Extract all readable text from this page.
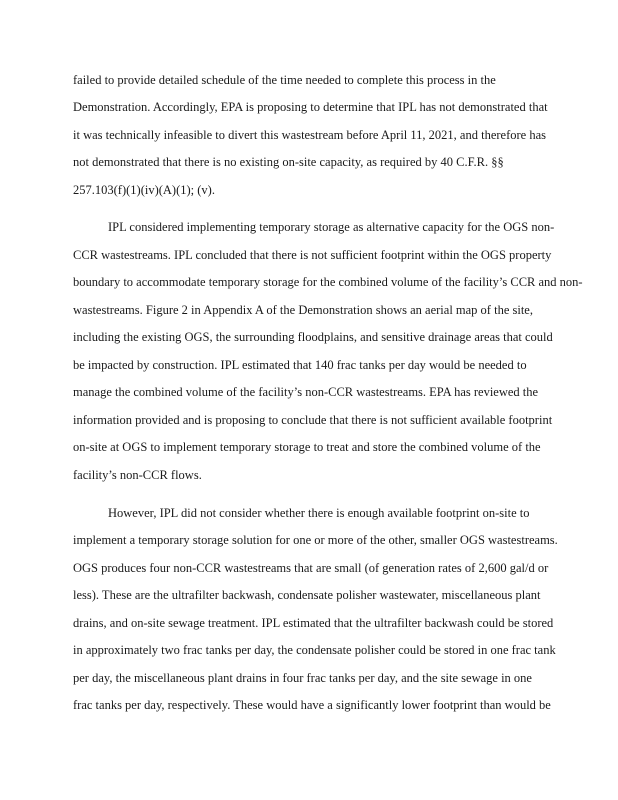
failed to provide detailed schedule of the time needed to complete this process in the
Demonstration. Accordingly, EPA is proposing to determine that IPL has not demonstrated that
it was technically infeasible to divert this wastestream before April 11, 2021, and therefore has
not demonstrated that there is no existing on-site capacity, as required by 40 C.F.R. §§
257.103(f)(1)(iv)(A)(1); (v).
IPL considered implementing temporary storage as alternative capacity for the OGS non-
CCR wastestreams. IPL concluded that there is not sufficient footprint within the OGS property
boundary to accommodate temporary storage for the combined volume of the facility’s CCR and non-
wastestreams. Figure 2 in Appendix A of the Demonstration shows an aerial map of the site,
including the existing OGS, the surrounding floodplains, and sensitive drainage areas that could
be impacted by construction. IPL estimated that 140 frac tanks per day would be needed to
manage the combined volume of the facility’s non-CCR wastestreams. EPA has reviewed the
information provided and is proposing to conclude that there is not sufficient available footprint
on-site at OGS to implement temporary storage to treat and store the combined volume of the
facility’s non-CCR flows.
However, IPL did not consider whether there is enough available footprint on-site to
implement a temporary storage solution for one or more of the other, smaller OGS wastestreams.
OGS produces four non-CCR wastestreams that are small (of generation rates of 2,600 gal/d or
less). These are the ultrafilter backwash, condensate polisher wastewater, miscellaneous plant
drains, and on-site sewage treatment. IPL estimated that the ultrafilter backwash could be stored
in approximately two frac tanks per day, the condensate polisher could be stored in one frac tank
per day, the miscellaneous plant drains in four frac tanks per day, and the site sewage in one
frac tanks per day, respectively. These would have a significantly lower footprint than would be
